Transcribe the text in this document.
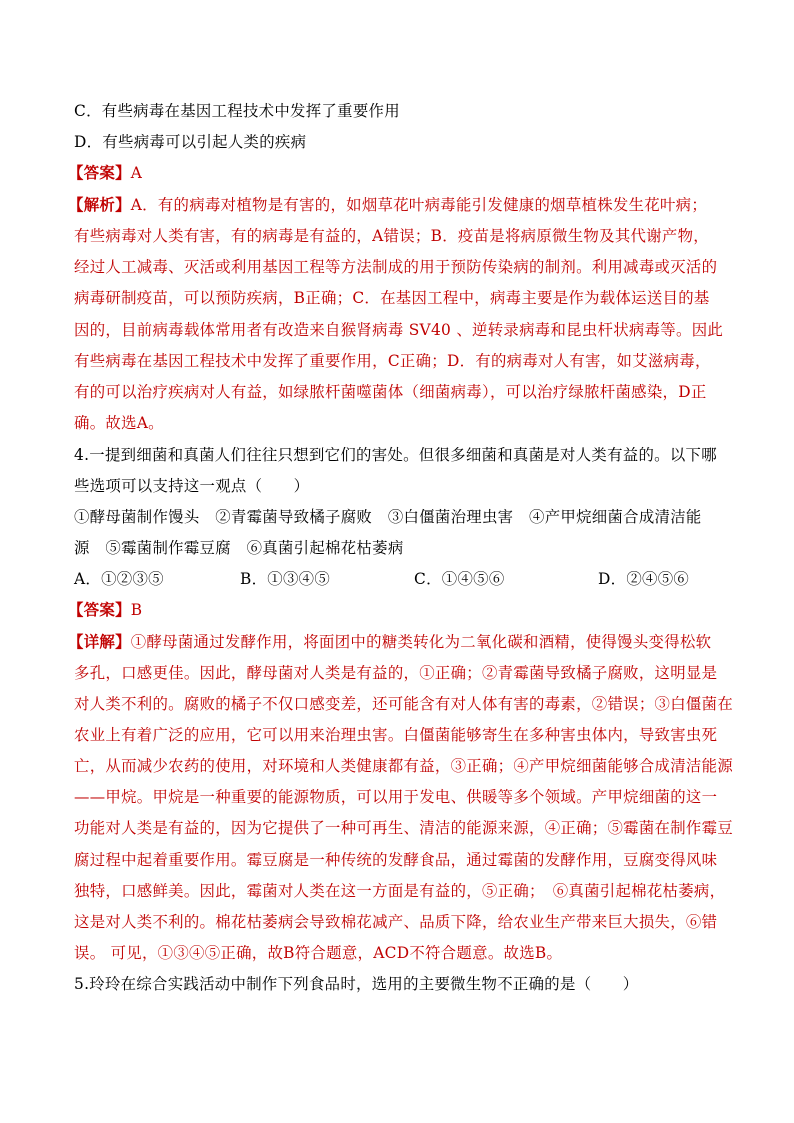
C．有些病毒在基因工程技术中发挥了重要作用
D．有些病毒可以引起人类的疾病
【答案】A
【解析】A．有的病毒对植物是有害的，如烟草花叶病毒能引发健康的烟草植株发生花叶病；
有些病毒对人类有害，有的病毒是有益的，A错误；B．疫苗是将病原微生物及其代谢产物，
经过人工减毒、灭活或利用基因工程等方法制成的用于预防传染病的制剂。利用减毒或灭活的
病毒研制疫苗，可以预防疾病，B正确；C．在基因工程中，病毒主要是作为载体运送目的基
因的，目前病毒载体常用者有改造来自猴肾病毒 SV40 、逆转录病毒和昆虫杆状病毒等。因此
有些病毒在基因工程技术中发挥了重要作用，C正确；D．有的病毒对人有害，如艾滋病毒，
有的可以治疗疾病对人有益，如绿脓杆菌噬菌体（细菌病毒），可以治疗绿脓杆菌感染，D正
确。故选A。
4.一提到细菌和真菌人们往往只想到它们的害处。但很多细菌和真菌是对人类有益的。以下哪
些选项可以支持这一观点（　　）
①酵母菌制作馒头　②青霉菌导致橘子腐败　③白僵菌治理虫害　④产甲烷细菌合成清洁能
源　⑤霉菌制作霉豆腐　⑥真菌引起棉花枯萎病
A．①②③⑤	B．①③④⑤	C．①④⑤⑥	D．②④⑤⑥
【答案】B
【详解】①酵母菌通过发酵作用，将面团中的糖类转化为二氧化碳和酒精，使得馒头变得松软
多孔，口感更佳。因此，酵母菌对人类是有益的，①正确；②青霉菌导致橘子腐败，这明显是
对人类不利的。腐败的橘子不仅口感变差，还可能含有对人体有害的毒素，②错误；③白僵菌在
农业上有着广泛的应用，它可以用来治理虫害。白僵菌能够寄生在多种害虫体内，导致害虫死
亡，从而减少农药的使用，对环境和人类健康都有益，③正确；④产甲烷细菌能够合成清洁能源
——甲烷。甲烷是一种重要的能源物质，可以用于发电、供暖等多个领域。产甲烷细菌的这一
功能对人类是有益的，因为它提供了一种可再生、清洁的能源来源，④正确；⑤霉菌在制作霉豆
腐过程中起着重要作用。霉豆腐是一种传统的发酵食品，通过霉菌的发酵作用，豆腐变得风味
独特，口感鲜美。因此，霉菌对人类在这一方面是有益的，⑤正确；　⑥真菌引起棉花枯萎病，
这是对人类不利的。棉花枯萎病会导致棉花减产、品质下降，给农业生产带来巨大损失，⑥错
误。 可见，①③④⑤正确，故B符合题意，ACD不符合题意。故选B。
5.玲玲在综合实践活动中制作下列食品时，选用的主要微生物不正确的是（　　）
